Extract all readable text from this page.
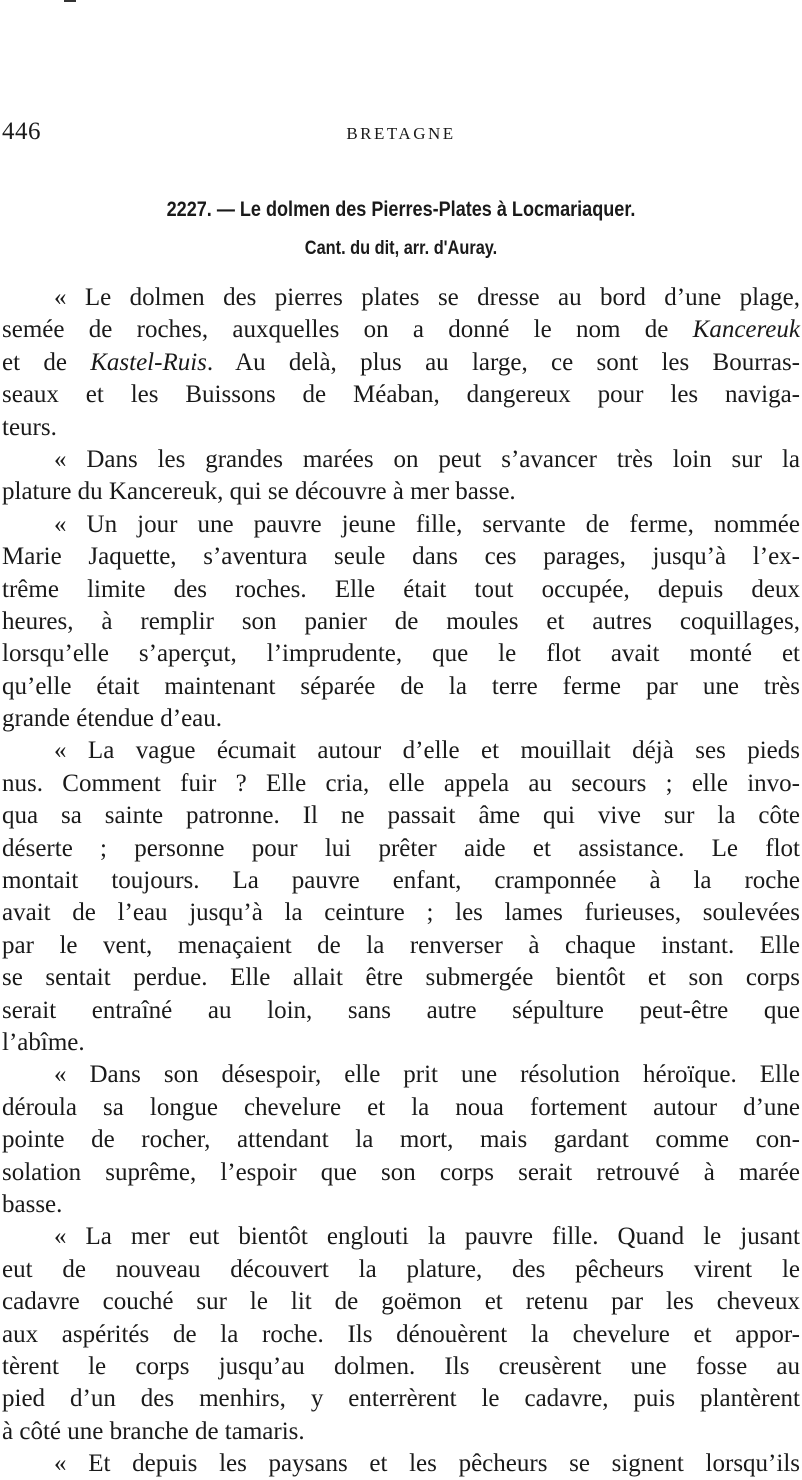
446	BRETAGNE
2227. — Le dolmen des Pierres-Plates à Locmariaquer.
Cant. du dit, arr. d'Auray.
« Le dolmen des pierres plates se dresse au bord d’une plage,
semée de roches, auxquelles on a donné le nom de Kancereuk
et de Kastel-Ruis. Au delà, plus au large, ce sont les Bourras-
seaux et les Buissons de Méaban, dangereux pour les naviga-
teurs.
« Dans les grandes marées on peut s’avancer très loin sur la
plature du Kancereuk, qui se découvre à mer basse.
« Un jour une pauvre jeune fille, servante de ferme, nommée
Marie Jaquette, s’aventura seule dans ces parages, jusqu’à l’ex-
trême limite des roches. Elle était tout occupée, depuis deux
heures, à remplir son panier de moules et autres coquillages,
lorsqu’elle s’aperçut, l’imprudente, que le flot avait monté et
qu’elle était maintenant séparée de la terre ferme par une très
grande étendue d’eau.
« La vague écumait autour d’elle et mouillait déjà ses pieds
nus. Comment fuir ? Elle cria, elle appela au secours ; elle invo-
qua sa sainte patronne. Il ne passait âme qui vive sur la côte
déserte ; personne pour lui prêter aide et assistance. Le flot
montait toujours. La pauvre enfant, cramponnée à la roche
avait de l’eau jusqu’à la ceinture ; les lames furieuses, soulevées
par le vent, menaçaient de la renverser à chaque instant. Elle
se sentait perdue. Elle allait être submergée bientôt et son corps
serait entraîné au loin, sans autre sépulture peut-être que
l’abîme.
« Dans son désespoir, elle prit une résolution héroïque. Elle
déroula sa longue chevelure et la noua fortement autour d’une
pointe de rocher, attendant la mort, mais gardant comme con-
solation suprême, l’espoir que son corps serait retrouvé à marée
basse.
« La mer eut bientôt englouti la pauvre fille. Quand le jusant
eut de nouveau découvert la plature, des pêcheurs virent le
cadavre couché sur le lit de goëmon et retenu par les cheveux
aux aspérités de la roche. Ils dénouèrent la chevelure et appor-
tèrent le corps jusqu’au dolmen. Ils creusèrent une fosse au
pied d’un des menhirs, y enterrèrent le cadavre, puis plantèrent
à côté une branche de tamaris.
« Et depuis les paysans et les pêcheurs se signent lorsqu’ils
